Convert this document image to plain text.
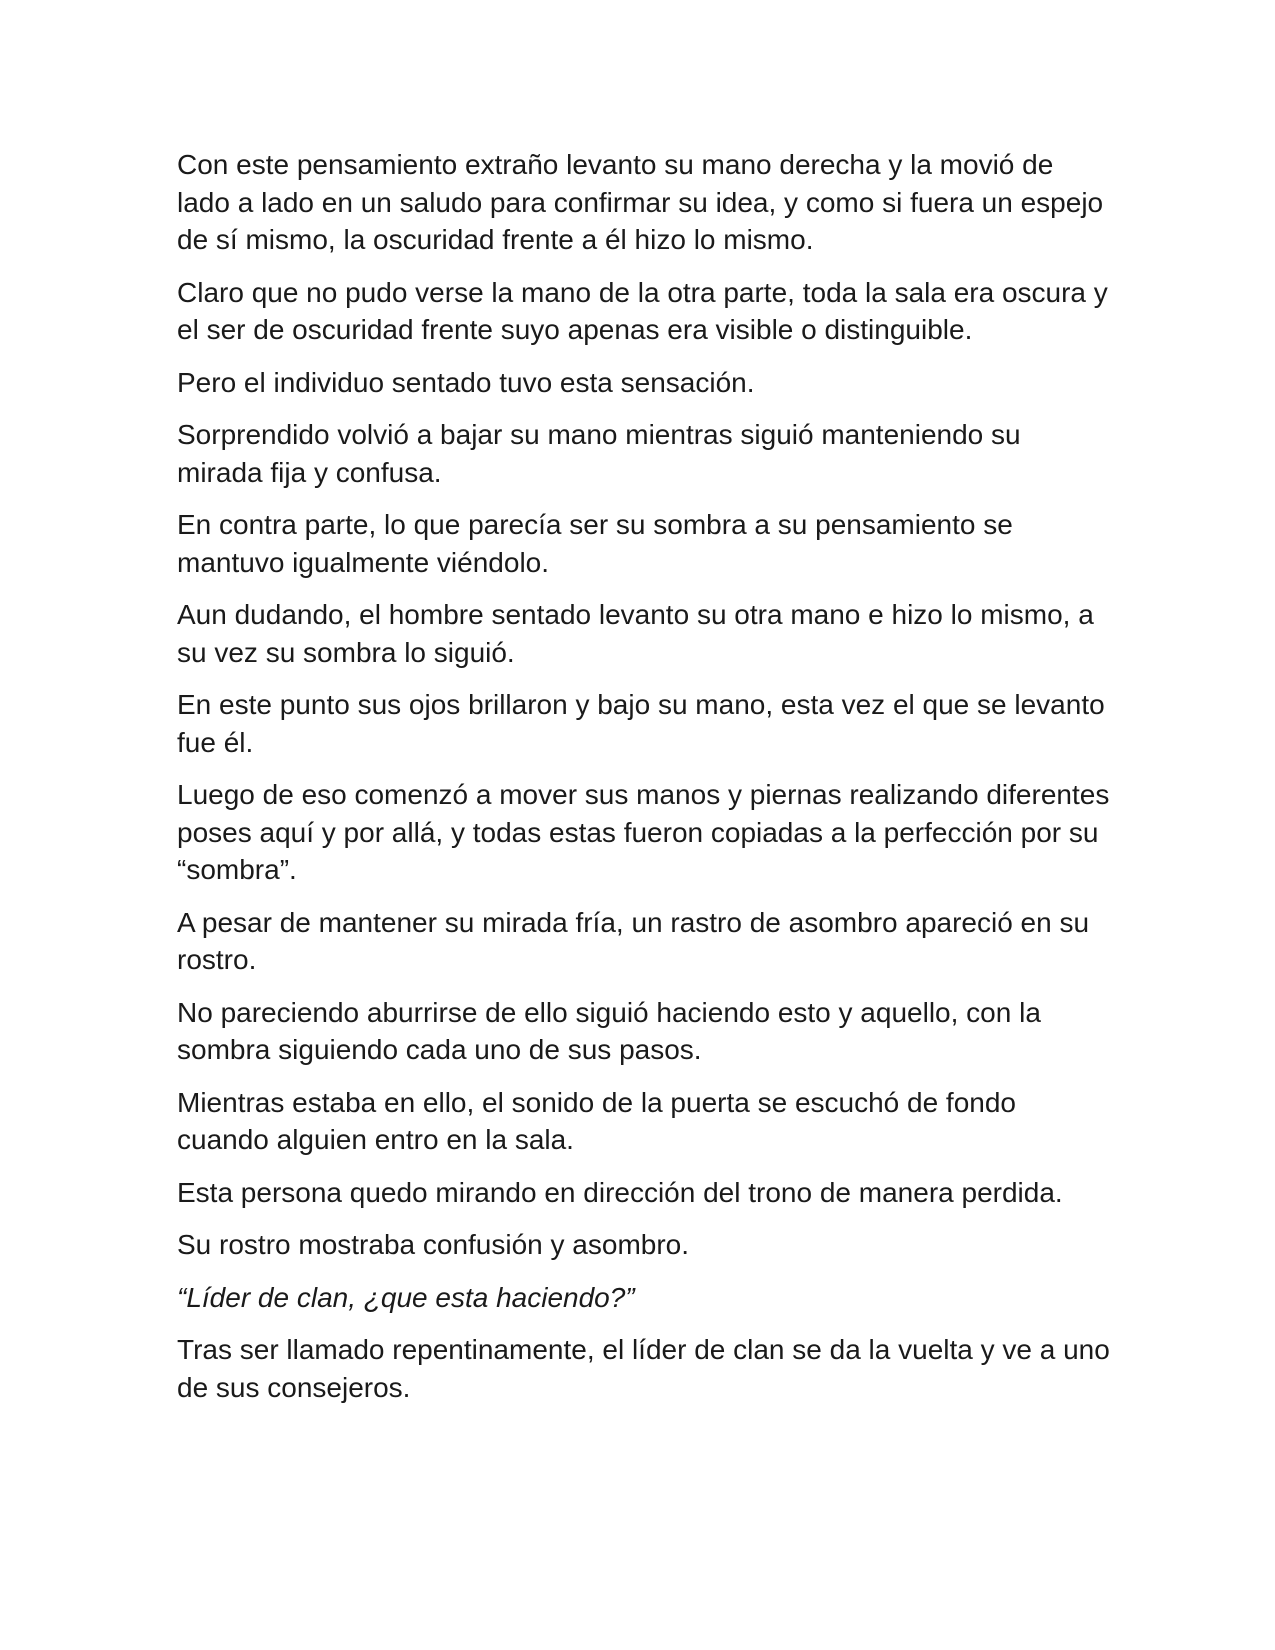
Con este pensamiento extraño levanto su mano derecha y la movió de lado a lado en un saludo para confirmar su idea, y como si fuera un espejo de sí mismo, la oscuridad frente a él hizo lo mismo.

Claro que no pudo verse la mano de la otra parte, toda la sala era oscura y el ser de oscuridad frente suyo apenas era visible o distinguible.

Pero el individuo sentado tuvo esta sensación.

Sorprendido volvió a bajar su mano mientras siguió manteniendo su mirada fija y confusa.

En contra parte, lo que parecía ser su sombra a su pensamiento se mantuvo igualmente viéndolo.

Aun dudando, el hombre sentado levanto su otra mano e hizo lo mismo, a su vez su sombra lo siguió.

En este punto sus ojos brillaron y bajo su mano, esta vez el que se levanto fue él.

Luego de eso comenzó a mover sus manos y piernas realizando diferentes poses aquí y por allá, y todas estas fueron copiadas a la perfección por su “sombra”.

A pesar de mantener su mirada fría, un rastro de asombro apareció en su rostro.

No pareciendo aburrirse de ello siguió haciendo esto y aquello, con la sombra siguiendo cada uno de sus pasos.

Mientras estaba en ello, el sonido de la puerta se escuchó de fondo cuando alguien entro en la sala.

Esta persona quedo mirando en dirección del trono de manera perdida.

Su rostro mostraba confusión y asombro.

“Líder de clan, ¿que esta haciendo?”

Tras ser llamado repentinamente, el líder de clan se da la vuelta y ve a uno de sus consejeros.
